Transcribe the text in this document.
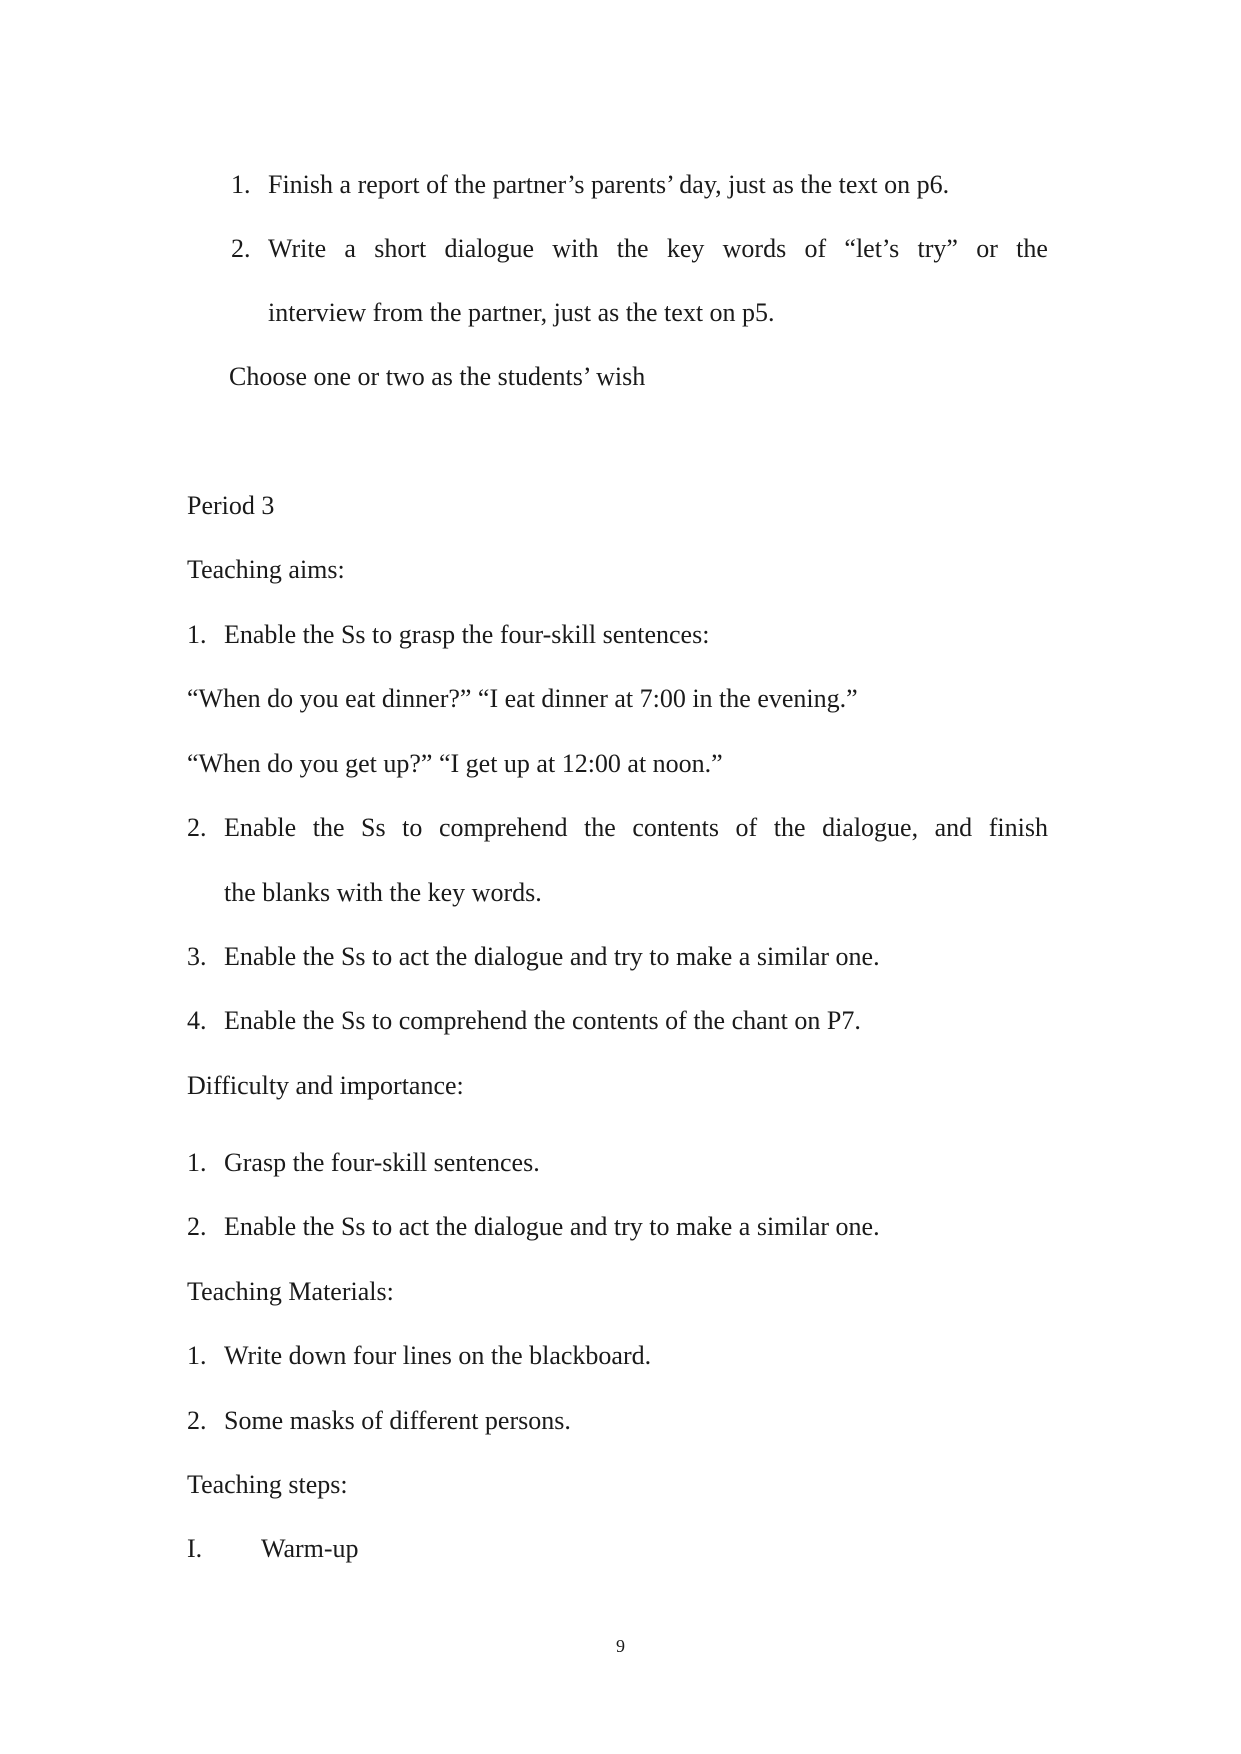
1. Finish a report of the partner’s parents’ day, just as the text on p6.
2. Write a short dialogue with the key words of “let’s try” or the
interview from the partner, just as the text on p5.
Choose one or two as the students’ wish
Period 3
Teaching aims:
1. Enable the Ss to grasp the four-skill sentences:
“When do you eat dinner?” “I eat dinner at 7:00 in the evening.”
“When do you get up?” “I get up at 12:00 at noon.”
2. Enable the Ss to comprehend the contents of the dialogue, and finish
the blanks with the key words.
3. Enable the Ss to act the dialogue and try to make a similar one.
4. Enable the Ss to comprehend the contents of the chant on P7.
Difficulty and importance:
1. Grasp the four-skill sentences.
2. Enable the Ss to act the dialogue and try to make a similar one.
Teaching Materials:
1. Write down four lines on the blackboard.
2. Some masks of different persons.
Teaching steps:
I. Warm-up
9
